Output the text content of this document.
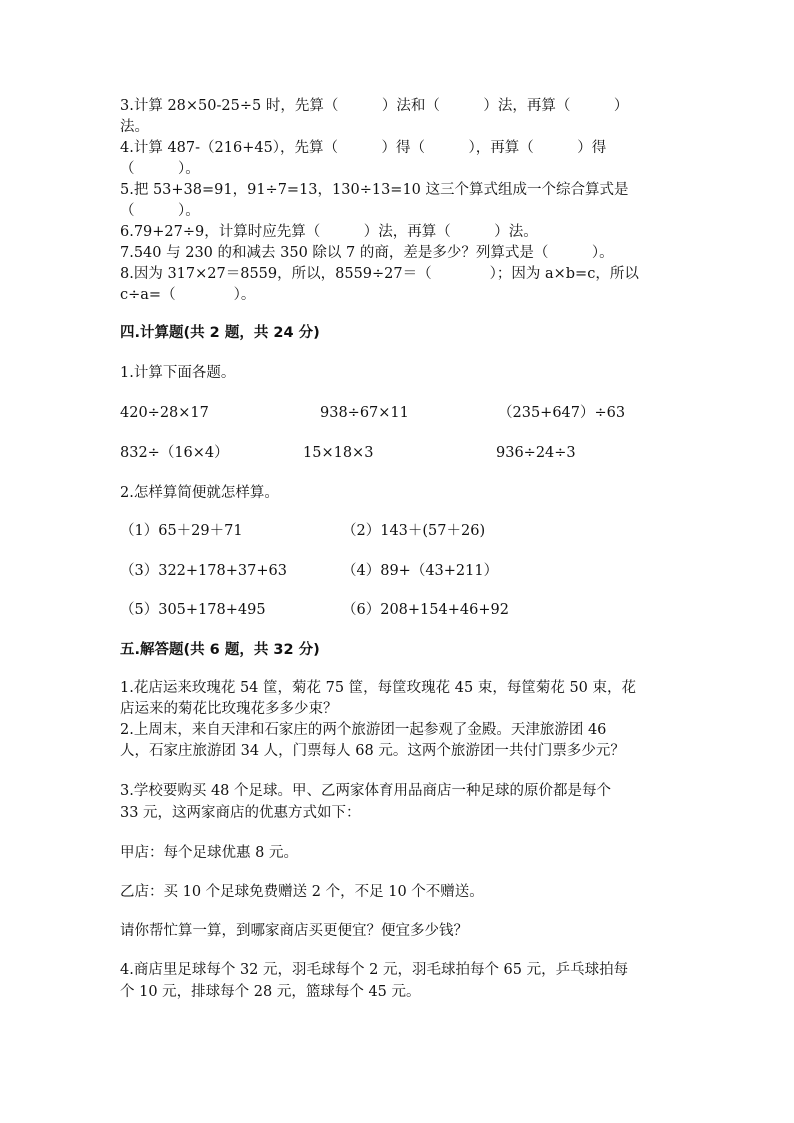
3.计算 28×50-25÷5 时，先算（　　　）法和（　　　）法，再算（　　　）
法。
4.计算 487-（216+45），先算（　　　）得（　　　），再算（　　　）得
（　　　）。
5.把 53+38=91，91÷7=13，130÷13=10 这三个算式组成一个综合算式是
（　　　）。
6.79+27÷9，计算时应先算（　　　）法，再算（　　　）法。
7.540 与 230 的和减去 350 除以 7 的商，差是多少？列算式是（　　　）。
8.因为 317×27＝8559，所以，8559÷27＝（　　　　）；因为 a×b=c，所以
c÷a=（　　　　）。
四.计算题(共 2 题，共 24 分)
1.计算下面各题。
420÷28×17	938÷67×11	（235+647）÷63
832÷（16×4）	15×18×3	936÷24÷3
2.怎样算简便就怎样算。
（1）65＋29＋71	（2）143＋(57＋26)
（3）322+178+37+63	（4）89+（43+211）
（5）305+178+495	（6）208+154+46+92
五.解答题(共 6 题，共 32 分)
1.花店运来玫瑰花 54 筐，菊花 75 筐，每筐玫瑰花 45 束，每筐菊花 50 束，花
店运来的菊花比玫瑰花多多少束？
2.上周末，来自天津和石家庄的两个旅游团一起参观了金殿。天津旅游团 46
人，石家庄旅游团 34 人，门票每人 68 元。这两个旅游团一共付门票多少元？
3.学校要购买 48 个足球。甲、乙两家体育用品商店一种足球的原价都是每个
33 元，这两家商店的优惠方式如下：
甲店：每个足球优惠 8 元。
乙店：买 10 个足球免费赠送 2 个，不足 10 个不赠送。
请你帮忙算一算，到哪家商店买更便宜？便宜多少钱？
4.商店里足球每个 32 元，羽毛球每个 2 元，羽毛球拍每个 65 元，乒乓球拍每
个 10 元，排球每个 28 元，篮球每个 45 元。
